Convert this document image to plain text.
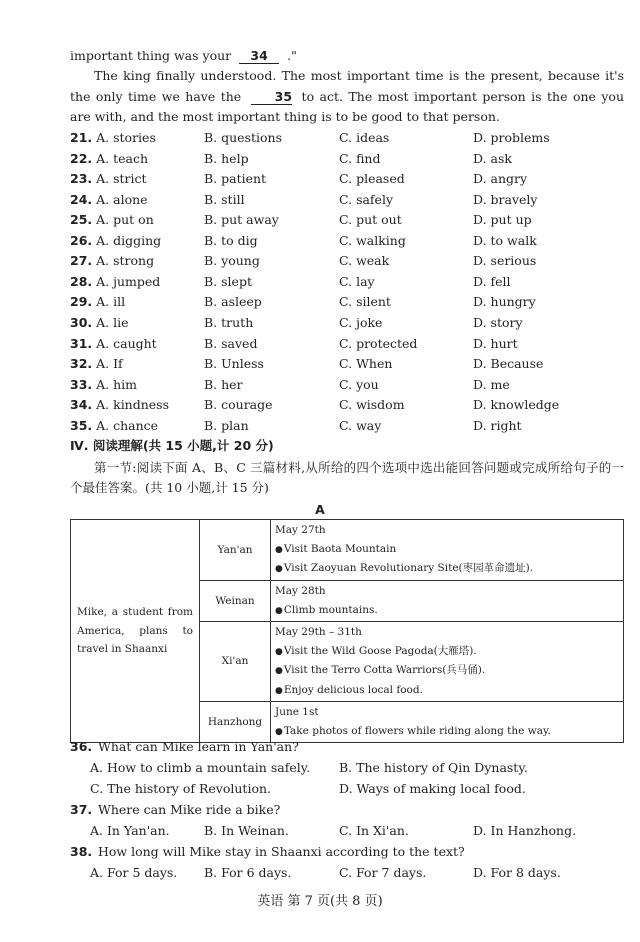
important thing was your 34 ."
The king finally understood. The most important time is the present, because it's the only time we have the	35 to act. The most important person is the one you are with, and the most important thing is to be good to that person.
21. A. stories	B. questions	C. ideas	D. problems
22. A. teach	B. help	C. find	D. ask
23. A. strict	B. patient	C. pleased	D. angry
24. A. alone	B. still	C. safely	D. bravely
25. A. put on	B. put away	C. put out	D. put up
26. A. digging	B. to dig	C. walking	D. to walk
27. A. strong	B. young	C. weak	D. serious
28. A. jumped	B. slept	C. lay	D. fell
29. A. ill	B. asleep	C. silent	D. hungry
30. A. lie	B. truth	C. joke	D. story
31. A. caught	B. saved	C. protected	D. hurt
32. A. If	B. Unless	C. When	D. Because
33. A. him	B. her	C. you	D. me
34. A. kindness	B. courage	C. wisdom	D. knowledge
35. A. chance	B. plan	C. way	D. right
Ⅳ. 阅读理解(共 15 小题,计 20 分)
第一节:阅读下面 A、B、C 三篇材料,从所给的四个选项中选出能回答问题或完成所给句子的一个最佳答案。(共 10 小题,计 15 分)
A
Mike, a student from America, plans to travel in Shaanxi	Yan'an	May 27th
● Visit Baota Mountain
● Visit Zaoyuan Revolutionary Site(枣园革命遗址).

	Weinan	May 28th
● Climb mountains.

	Xi'an	May 29th – 31th
● Visit the Wild Goose Pagoda(大雁塔).
● Visit the Terro Cotta Warriors(兵马俑).
● Enjoy delicious local food.

	Hanzhong	June 1st
● Take photos of flowers while riding along the way.
36. What can Mike learn in Yan'an?
A. How to climb a mountain safely. B. The history of Qin Dynasty.
C. The history of Revolution.	D. Ways of making local food.
37. Where can Mike ride a bike?
A. In Yan'an.	B. In Weinan.	C. In Xi'an.	D. In Hanzhong.
38. How long will Mike stay in Shaanxi according to the text?
A. For 5 days. B. For 6 days.	C. For 7 days.	D. For 8 days.
英语 第 7 页(共 8 页)
